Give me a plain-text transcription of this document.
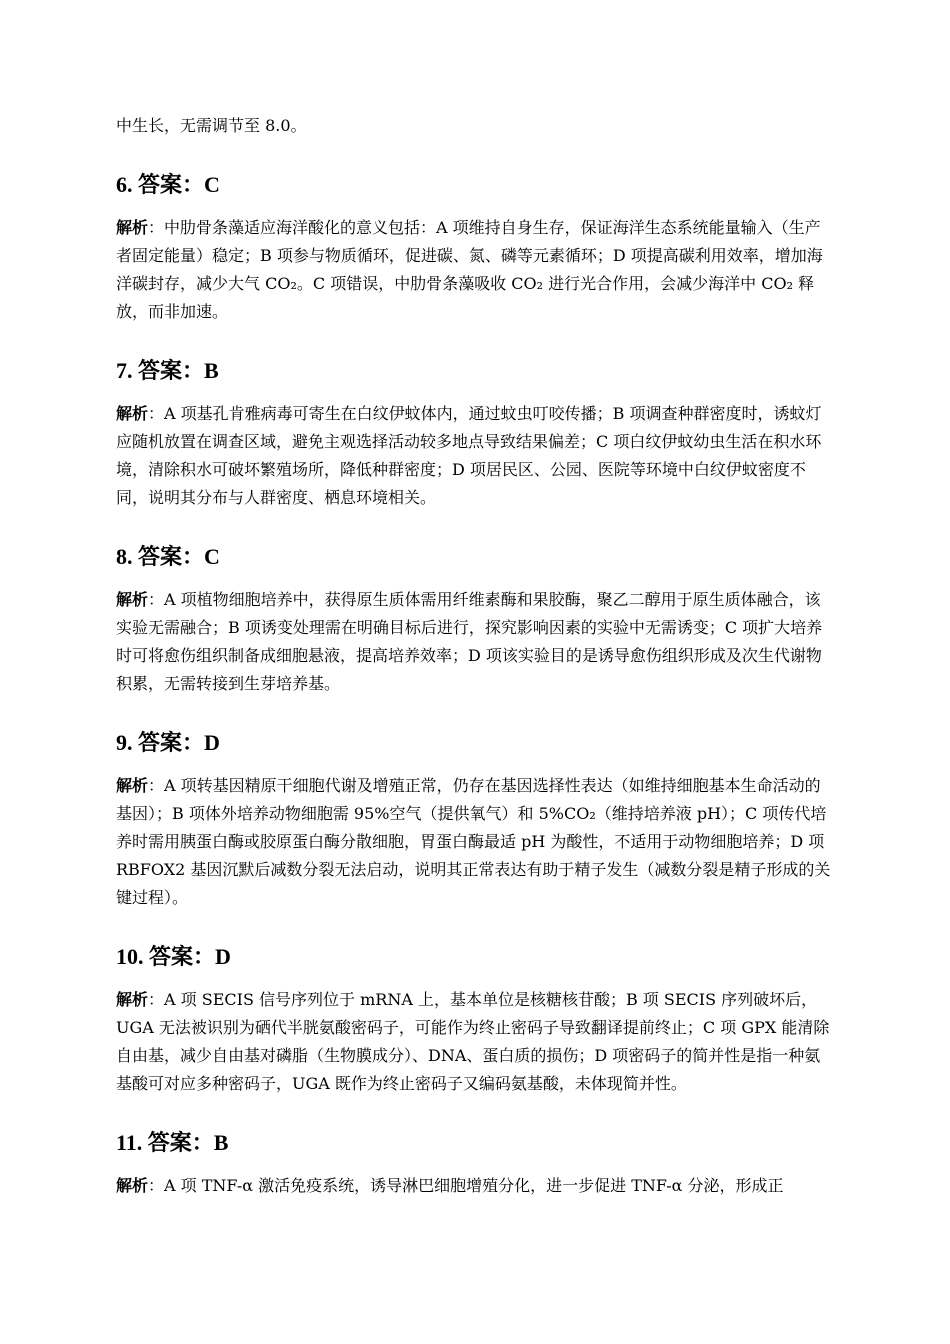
中生长，无需调节至 8.0。

6. 答案：C

解析：中肋骨条藻适应海洋酸化的意义包括：A 项维持自身生存，保证海洋生态系统能量输入（生产者固定能量）稳定；B 项参与物质循环，促进碳、氮、磷等元素循环；D 项提高碳利用效率，增加海洋碳封存，减少大气 CO₂。C 项错误，中肋骨条藻吸收 CO₂ 进行光合作用，会减少海洋中 CO₂ 释放，而非加速。

7. 答案：B

解析：A 项基孔肯雅病毒可寄生在白纹伊蚊体内，通过蚊虫叮咬传播；B 项调查种群密度时，诱蚊灯应随机放置在调查区域，避免主观选择活动较多地点导致结果偏差；C 项白纹伊蚊幼虫生活在积水环境，清除积水可破坏繁殖场所，降低种群密度；D 项居民区、公园、医院等环境中白纹伊蚊密度不同，说明其分布与人群密度、栖息环境相关。

8. 答案：C

解析：A 项植物细胞培养中，获得原生质体需用纤维素酶和果胶酶，聚乙二醇用于原生质体融合，该实验无需融合；B 项诱变处理需在明确目标后进行，探究影响因素的实验中无需诱变；C 项扩大培养时可将愈伤组织制备成细胞悬液，提高培养效率；D 项该实验目的是诱导愈伤组织形成及次生代谢物积累，无需转接到生芽培养基。

9. 答案：D

解析：A 项转基因精原干细胞代谢及增殖正常，仍存在基因选择性表达（如维持细胞基本生命活动的基因）；B 项体外培养动物细胞需 95%空气（提供氧气）和 5%CO₂（维持培养液 pH）；C 项传代培养时需用胰蛋白酶或胶原蛋白酶分散细胞，胃蛋白酶最适 pH 为酸性，不适用于动物细胞培养；D 项 RBFOX2 基因沉默后减数分裂无法启动，说明其正常表达有助于精子发生（减数分裂是精子形成的关键过程）。

10. 答案：D

解析：A 项 SECIS 信号序列位于 mRNA 上，基本单位是核糖核苷酸；B 项 SECIS 序列破坏后，UGA 无法被识别为硒代半胱氨酸密码子，可能作为终止密码子导致翻译提前终止；C 项 GPX 能清除自由基，减少自由基对磷脂（生物膜成分）、DNA、蛋白质的损伤；D 项密码子的简并性是指一种氨基酸可对应多种密码子，UGA 既作为终止密码子又编码氨基酸，未体现简并性。

11. 答案：B

解析：A 项 TNF-α 激活免疫系统，诱导淋巴细胞增殖分化，进一步促进 TNF-α 分泌，形成正
